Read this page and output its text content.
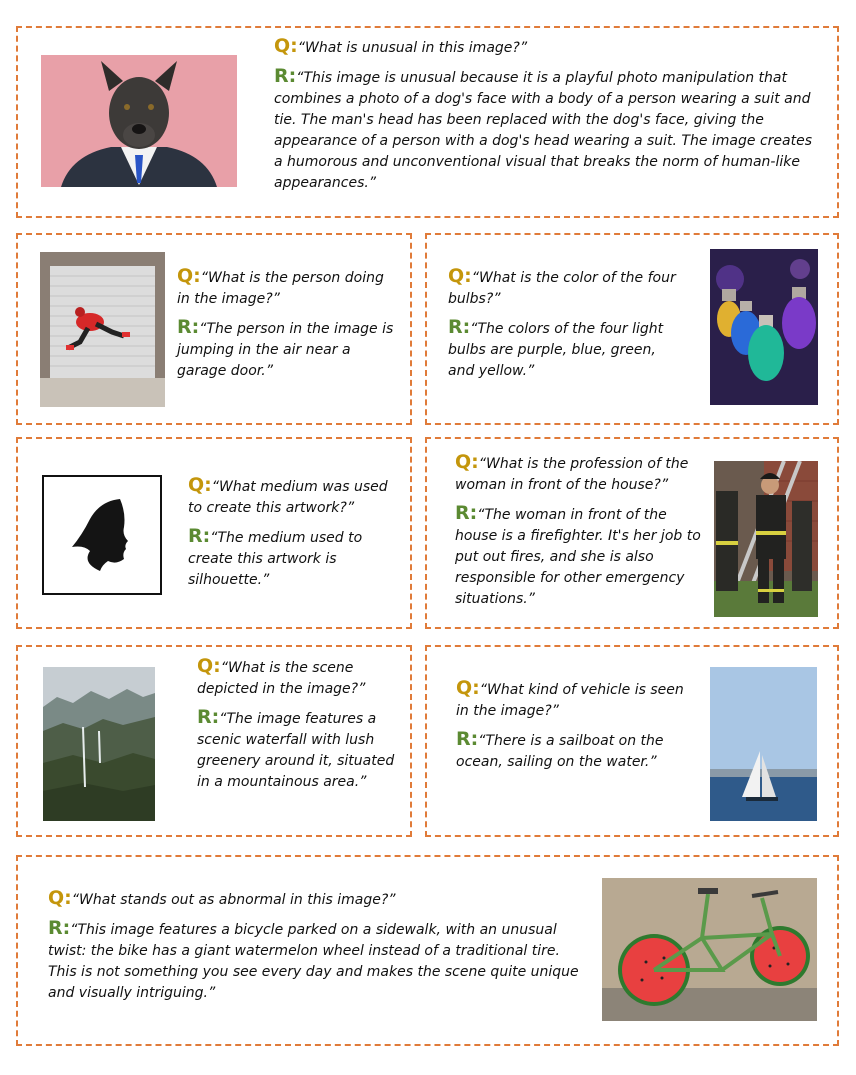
Q:“What is unusual in this image?”

R:“This image is unusual because it is a playful photo manipulation that combines a photo of a dog's face with a body of a person wearing a suit and tie. The man's head has been replaced with the dog's face, giving the appearance of a person with a dog's head wearing a suit. The image creates a humorous and unconventional visual that breaks the norm of human-like appearances.”

Q:“What is the person doing in the image?”

R:“The person in the image is jumping in the air near a garage door.”

Q:“What is the color of the four bulbs?”

R:“The colors of the four light bulbs are purple, blue, green, and yellow.”

Q:“What medium was used to create this artwork?”

R:“The medium used to create this artwork is silhouette.”

Q:“What is the profession of the woman in front of the house?”

R:“The woman in front of the house is a firefighter. It's her job to put out fires, and she is also responsible for other emergency situations.”

Q:“What is the scene depicted in the image?”

R:“The image features a scenic waterfall with lush greenery around it, situated in a mountainous area.”

Q:“What kind of vehicle is seen in the image?”

R:“There is a sailboat on the ocean, sailing on the water.”

Q:“What stands out as abnormal in this image?”

R:“This image features a bicycle parked on a sidewalk, with an unusual twist: the bike has a giant watermelon wheel instead of a traditional tire. This is not something you see every day and makes the scene quite unique and visually intriguing.”
